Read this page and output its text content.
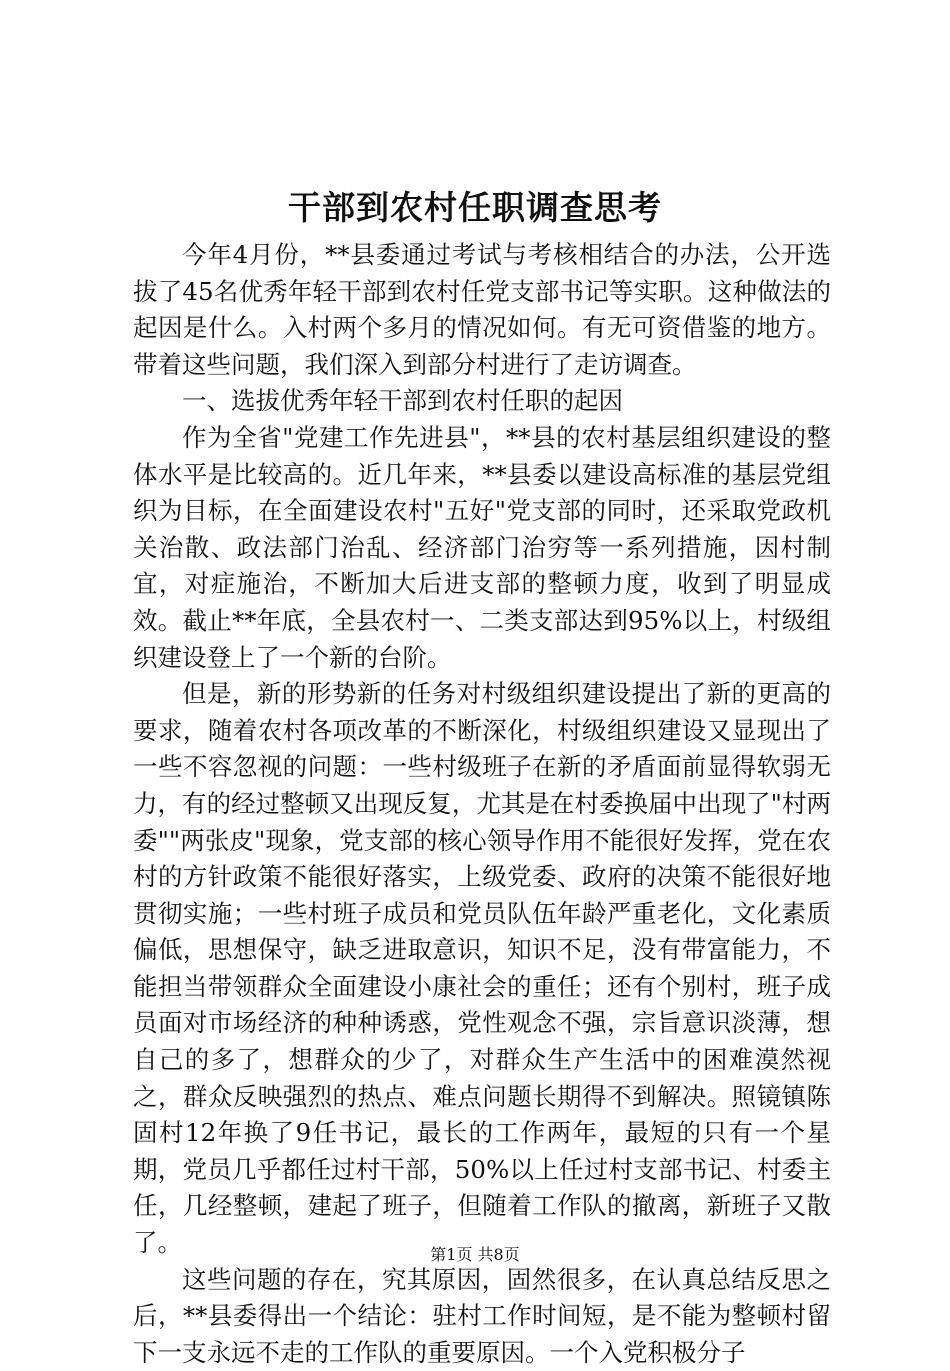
干部到农村任职调查思考

今年4月份，**县委通过考试与考核相结合的办法，公开选拔了45名优秀年轻干部到农村任党支部书记等实职。这种做法的起因是什么。入村两个多月的情况如何。有无可资借鉴的地方。带着这些问题，我们深入到部分村进行了走访调查。

一、选拔优秀年轻干部到农村任职的起因

作为全省"党建工作先进县"，**县的农村基层组织建设的整体水平是比较高的。近几年来，**县委以建设高标准的基层党组织为目标，在全面建设农村"五好"党支部的同时，还采取党政机关治散、政法部门治乱、经济部门治穷等一系列措施，因村制宜，对症施治，不断加大后进支部的整顿力度，收到了明显成效。截止**年底，全县农村一、二类支部达到95%以上，村级组织建设登上了一个新的台阶。

但是，新的形势新的任务对村级组织建设提出了新的更高的要求，随着农村各项改革的不断深化，村级组织建设又显现出了一些不容忽视的问题：一些村级班子在新的矛盾面前显得软弱无力，有的经过整顿又出现反复，尤其是在村委换届中出现了"村两委""两张皮"现象，党支部的核心领导作用不能很好发挥，党在农村的方针政策不能很好落实，上级党委、政府的决策不能很好地贯彻实施；一些村班子成员和党员队伍年龄严重老化，文化素质偏低，思想保守，缺乏进取意识，知识不足，没有带富能力，不能担当带领群众全面建设小康社会的重任；还有个别村，班子成员面对市场经济的种种诱惑，党性观念不强，宗旨意识淡薄，想自己的多了，想群众的少了，对群众生产生活中的困难漠然视之，群众反映强烈的热点、难点问题长期得不到解决。照镜镇陈固村12年换了9任书记，最长的工作两年，最短的只有一个星期，党员几乎都任过村干部，50%以上任过村支部书记、村委主任，几经整顿，建起了班子，但随着工作队的撤离，新班子又散了。

这些问题的存在，究其原因，固然很多，在认真总结反思之后，**县委得出一个结论：驻村工作时间短，是不能为整顿村留下一支永远不走的工作队的重要原因。一个入党积极分子

第1页 共8页
